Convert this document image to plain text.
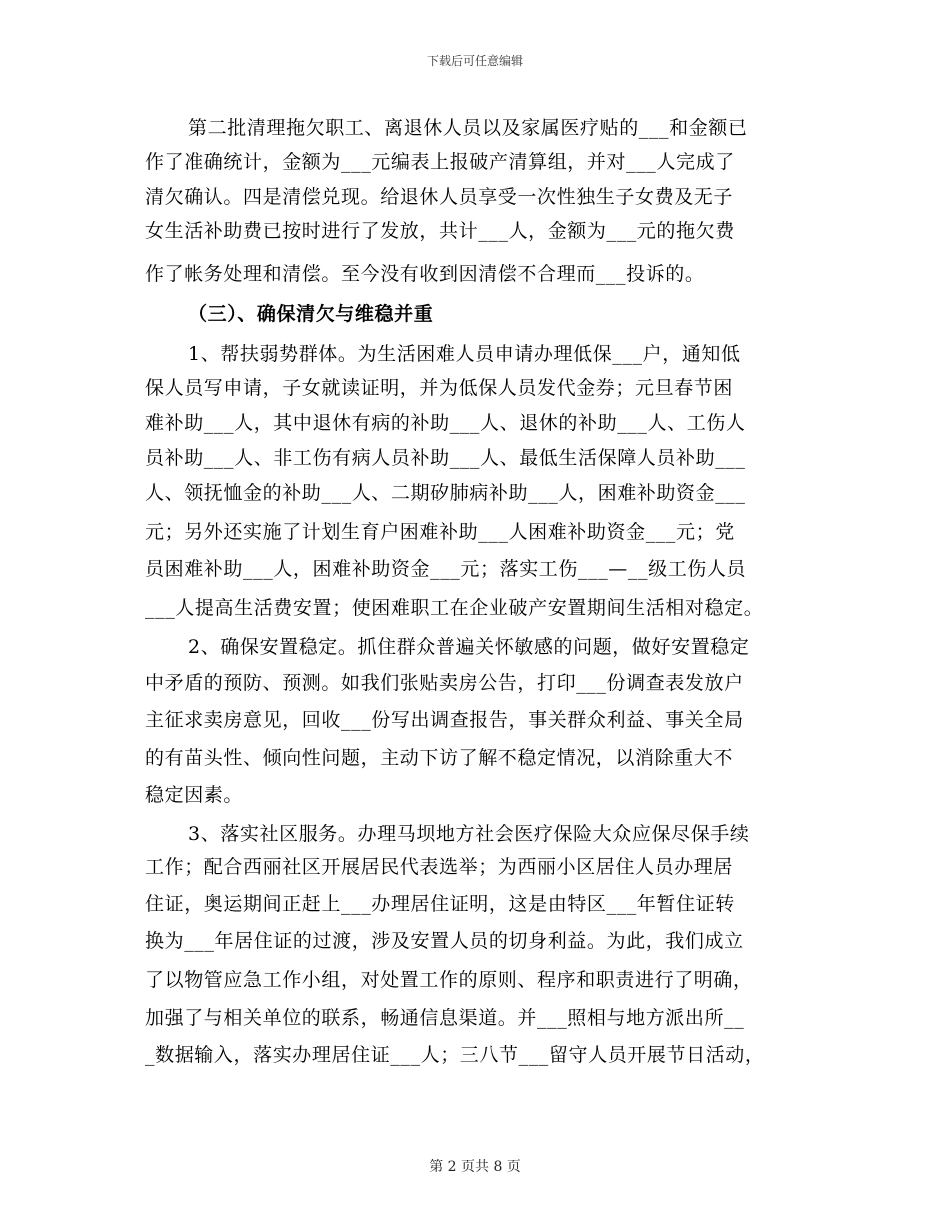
下载后可任意编辑
第二批清理拖欠职工、离退休人员以及家属医疗贴的___和金额已
作了准确统计，金额为___元编表上报破产清算组，并对___人完成了
清欠确认。四是清偿兑现。给退休人员享受一次性独生子女费及无子
女生活补助费已按时进行了发放，共计___人，金额为___元的拖欠费
作了帐务处理和清偿。至今没有收到因清偿不合理而___投诉的。
（三）、确保清欠与维稳并重
1、帮扶弱势群体。为生活困难人员申请办理低保___户，通知低
保人员写申请，子女就读证明，并为低保人员发代金券；元旦春节困
难补助___人，其中退休有病的补助___人、退休的补助___人、工伤人
员补助___人、非工伤有病人员补助___人、最低生活保障人员补助___
人、领抚恤金的补助___人、二期矽肺病补助___人，困难补助资金___
元；另外还实施了计划生育户困难补助___人困难补助资金___元；党
员困难补助___人，困难补助资金___元；落实工伤___—__级工伤人员
___人提高生活费安置；使困难职工在企业破产安置期间生活相对稳定。
2、确保安置稳定。抓住群众普遍关怀敏感的问题，做好安置稳定
中矛盾的预防、预测。如我们张贴卖房公告，打印___份调查表发放户
主征求卖房意见，回收___份写出调查报告，事关群众利益、事关全局
的有苗头性、倾向性问题，主动下访了解不稳定情况，以消除重大不
稳定因素。
3、落实社区服务。办理马坝地方社会医疗保险大众应保尽保手续
工作；配合西丽社区开展居民代表选举；为西丽小区居住人员办理居
住证，奥运期间正赶上___办理居住证明，这是由特区___年暂住证转
换为___年居住证的过渡，涉及安置人员的切身利益。为此，我们成立
了以物管应急工作小组，对处置工作的原则、程序和职责进行了明确，
加强了与相关单位的联系，畅通信息渠道。并___照相与地方派出所__
_数据输入，落实办理居住证___人；三八节___留守人员开展节日活动，
第 2 页共 8 页
